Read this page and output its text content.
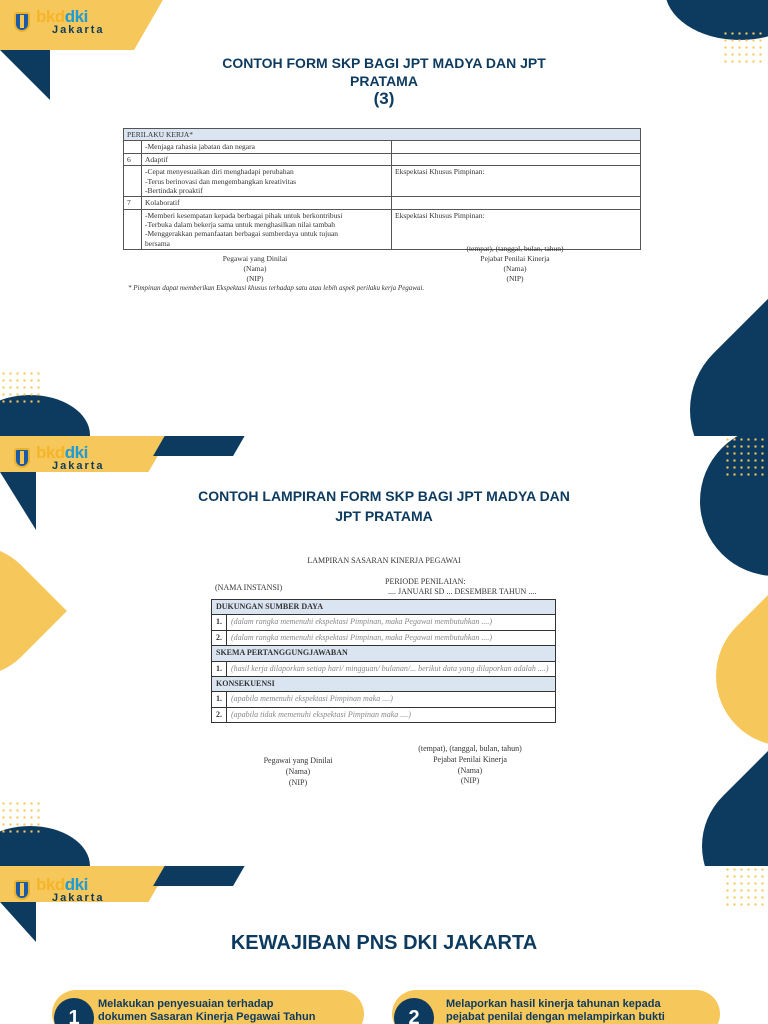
bkddki
Jakarta
CONTOH FORM SKP BAGI JPT MADYA DAN JPT
PRATAMA
(3)
PERILAKU KERJA*		
	-Menjaga rahasia jabatan dan negara	
6	Adaptif	

	-Cepat menyesuaikan diri menghadapi perubahan
-Terus berinovasi dan mengembangkan kreativitas
-Bertindak proaktif	Ekspektasi Khusus Pimpinan:
7	Kolaboratif	

	-Memberi kesempatan kepada berbagai pihak untuk berkontribusi
-Terbuka dalam bekerja sama untuk menghasilkan nilai tambah
-Menggerakkan pemanfaatan berbagai sumberdaya untuk tujuan
bersama	Ekspektasi Khusus Pimpinan:
Pegawai yang Dinilai
(Nama)
(NIP)
(tempat), (tanggal, bulan, tahun)
Pejabat Penilai Kinerja
(Nama)
(NIP)
* Pimpinan dapat memberikan Ekspektasi khusus terhadap satu atau lebih aspek perilaku kerja Pegawai.
bkddki
Jakarta
CONTOH LAMPIRAN FORM SKP BAGI JPT MADYA DAN
JPT PRATAMA
LAMPIRAN SASARAN KINERJA PEGAWAI
(NAMA INSTANSI)
PERIODE PENILAIAN:
.... JANUARI SD ... DESEMBER TAHUN ....
DUKUNGAN SUMBER DAYA	
1.	(dalam rangka memenuhi ekspektasi Pimpinan, maka Pegawai membutuhkan ....)
2.	(dalam rangka memenuhi ekspektasi Pimpinan, maka Pegawai membutuhkan ....)
SKEMA PERTANGGUNGJAWABAN	
1.	(hasil kerja dilaporkan setiap hari/ mingguan/ bulanan/... berikut data yang dilaporkan adalah ....)
KONSEKUENSI	
1.	(apabila memenuhi ekspektasi Pimpinan maka ....)
2.	(apabila tidak memenuhi ekspektasi Pimpinan maka ....)
Pegawai yang Dinilai
(Nama)
(NIP)
(tempat), (tanggal, bulan, tahun)
Pejabat Penilai Kinerja
(Nama)
(NIP)
bkddki
Jakarta
KEWAJIBAN PNS DKI JAKARTA
1
Melakukan penyesuaian terhadap
dokumen Sasaran Kinerja Pegawai Tahun	2
Melaporkan hasil kinerja tahunan kepada
pejabat penilai dengan melampirkan bukti
